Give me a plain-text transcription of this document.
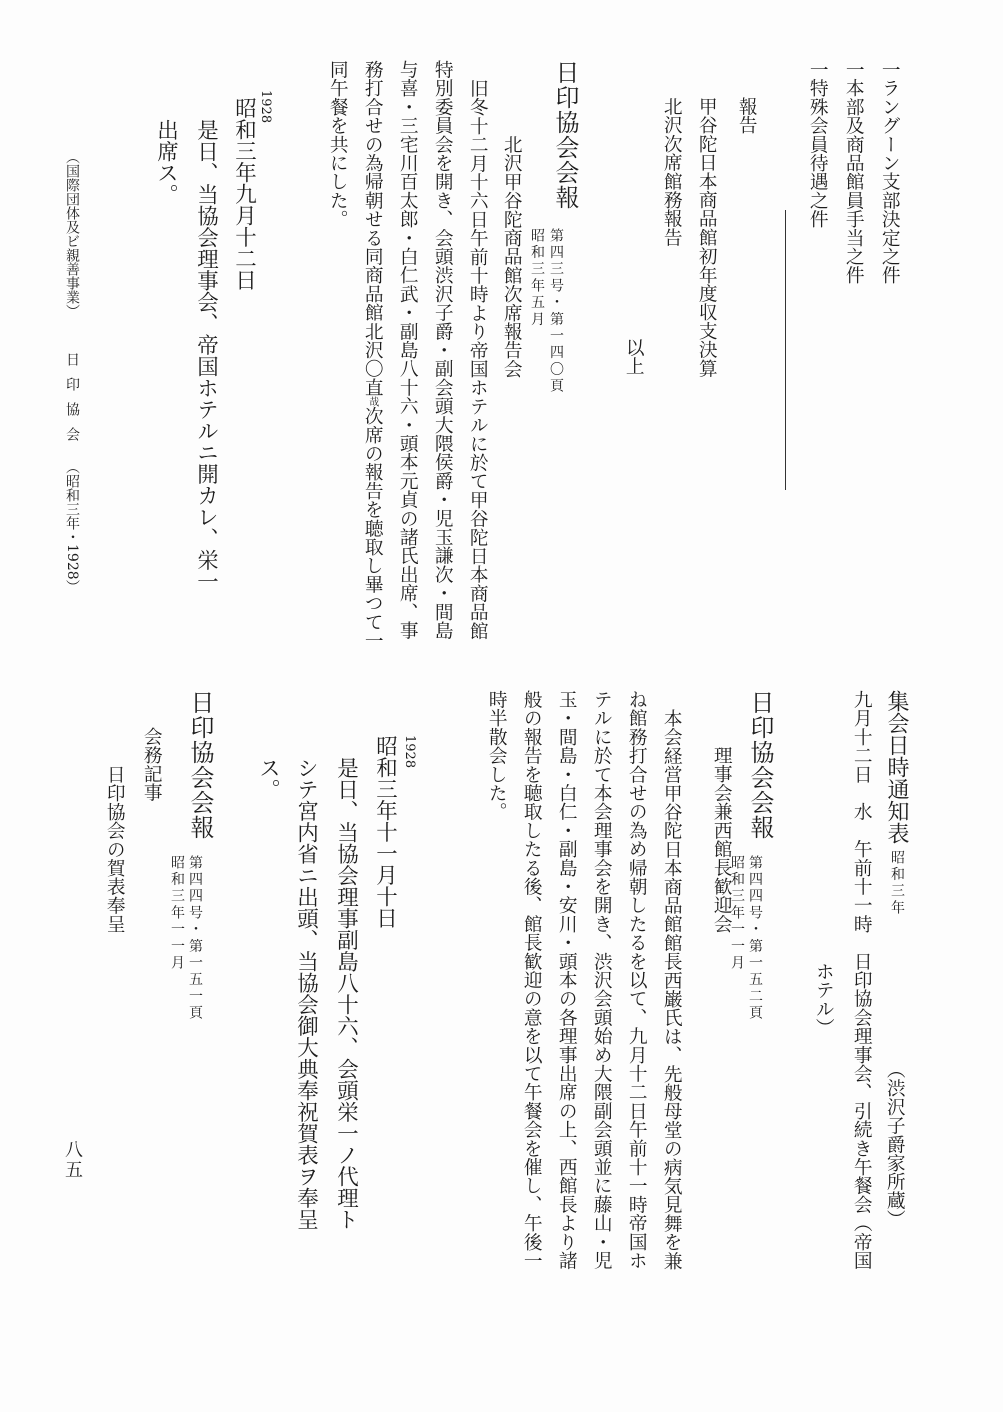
一ラングーン支部決定之件
一本部及商品館員手当之件
一特殊会員待遇之件
報告
甲谷陀日本商品館初年度収支決算
北沢次席館務報告
以上
日印協会会報
第四三号・第一四〇頁
昭和三年五月
北沢甲谷陀商品館次席報告会
旧冬十二月十六日午前十時より帝国ホテルに於て甲谷陀日本商品館
特別委員会を開き、会頭渋沢子爵・副会頭大隈侯爵・児玉謙次・間島
与喜・三宅川百太郎・白仁武・副島八十六・頭本元貞の諸氏出席、事
務打合せの為帰朝せる同商品館北沢〇直哉次席の報告を聴取し畢つて一
同午餐を共にした。
1928
昭和三年九月十二日
是日、当協会理事会、帝国ホテルニ開カレ、栄一
出席ス。
（国際団体及ビ親善事業）
日印協会
（昭和三年・1928）
集会日時通知表
昭和三年
（渋沢子爵家所蔵）
九月十二日　水　午前十一時　日印協会理事会、引続き午餐会（帝国
ホテル）
日印協会会報
第四四号・第一五二頁
昭和三年一一月
理事会兼西館長歓迎会
本会経営甲谷陀日本商品館館長西巌氏は、先般母堂の病気見舞を兼
ね館務打合せの為め帰朝したるを以て、九月十二日午前十一時帝国ホ
テルに於て本会理事会を開き、渋沢会頭始め大隈副会頭並に藤山・児
玉・間島・白仁・副島・安川・頭本の各理事出席の上、西館長より諸
般の報告を聴取したる後、館長歓迎の意を以て午餐会を催し、午後一
時半散会した。
1928
昭和三年十一月十日
是日、当協会理事副島八十六、会頭栄一ノ代理ト
シテ宮内省ニ出頭、当協会御大典奉祝賀表ヲ奉呈
ス。
日印協会会報
第四四号・第一五一頁
昭和三年一一月
会務記事
日印協会の賀表奉呈
八五
